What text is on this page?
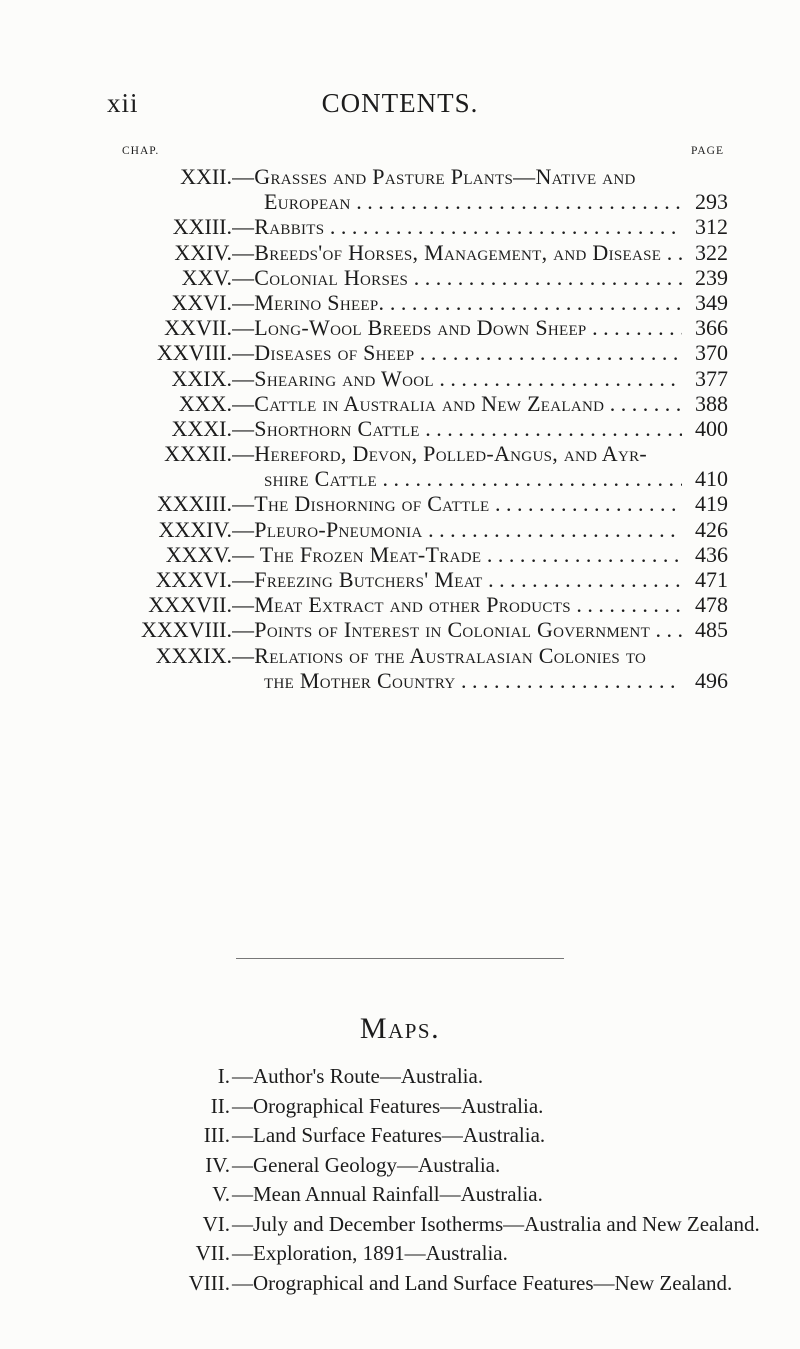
xii	CONTENTS.
CHAP.	PAGE
XXII. —Grasses and Pasture Plants—Native and
European . . .	293
XXIII. —Rabbits . . .	312
XXIV. —Breeds'of Horses, Management, and Disease . . .	322
XXV. —Colonial Horses . . .	239
XXVI. —Merino Sheep. . . .	349
XXVII. —Long-Wool Breeds and Down Sheep . . .	366
XXVIII. —Diseases of Sheep . . .	370
XXIX. —Shearing and Wool . . .	377
XXX. —Cattle in Australia and New Zealand . . .	388
XXXI. —Shorthorn Cattle . . .	400
XXXII. —Hereford, Devon, Polled-Angus, and Ayr-
shire Cattle . . .	410
XXXIII. —The Dishorning of Cattle . . .	419
XXXIV. —Pleuro-Pneumonia . . .	426
XXXV. — The Frozen Meat-Trade . . .	436
XXXVI. —Freezing Butchers' Meat . . .	471
XXXVII. —Meat Extract and other Products . . .	478
XXXVIII. —Points of Interest in Colonial Government . . .	485
XXXIX. —Relations of the Australasian Colonies to
the Mother Country . . .	496
Maps.
I. —Author's Route—Australia.
II. —Orographical Features—Australia.
III. —Land Surface Features—Australia.
IV. —General Geology—Australia.
V. —Mean Annual Rainfall—Australia.
VI. —July and December Isotherms—Australia and New Zealand.
VII. —Exploration, 1891—Australia.
VIII. —Orographical and Land Surface Features—New Zealand.
